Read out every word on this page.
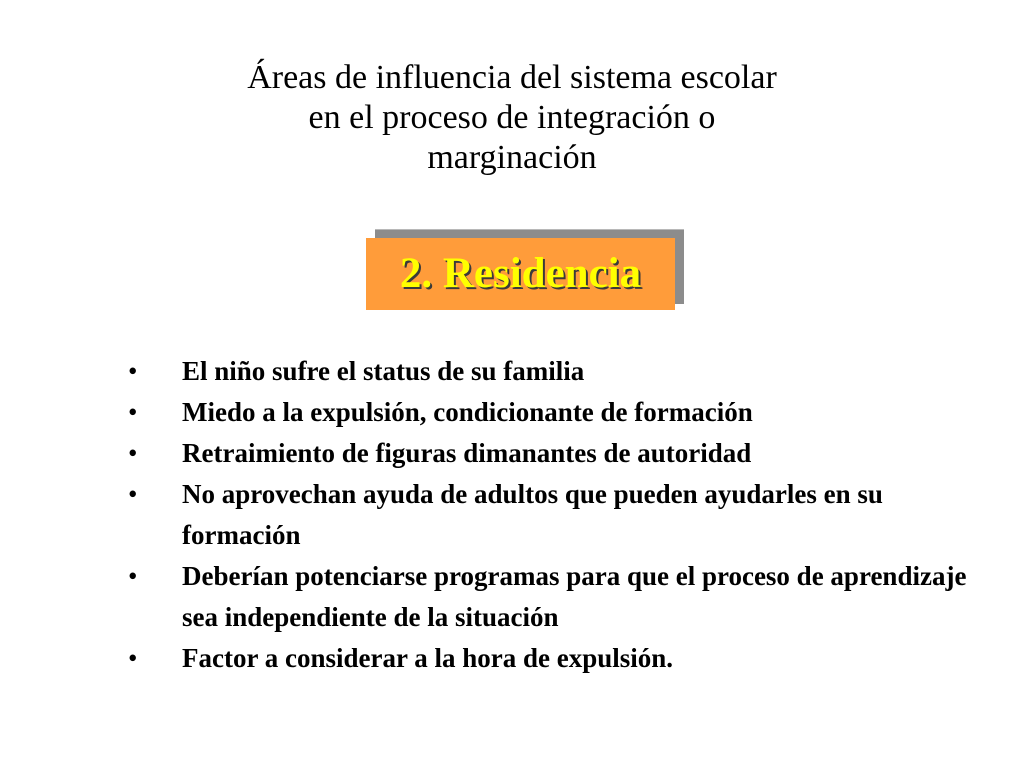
Áreas de influencia del sistema escolar
en el proceso de integración o
marginación
2. Residencia
• El niño sufre el status de su familia
• Miedo a la expulsión, condicionante de formación
• Retraimiento de figuras dimanantes de autoridad
• No aprovechan ayuda de adultos que pueden ayudarles en su formación
• Deberían potenciarse programas para que el proceso de aprendizaje sea independiente de la situación
• Factor a considerar a la hora de expulsión.
